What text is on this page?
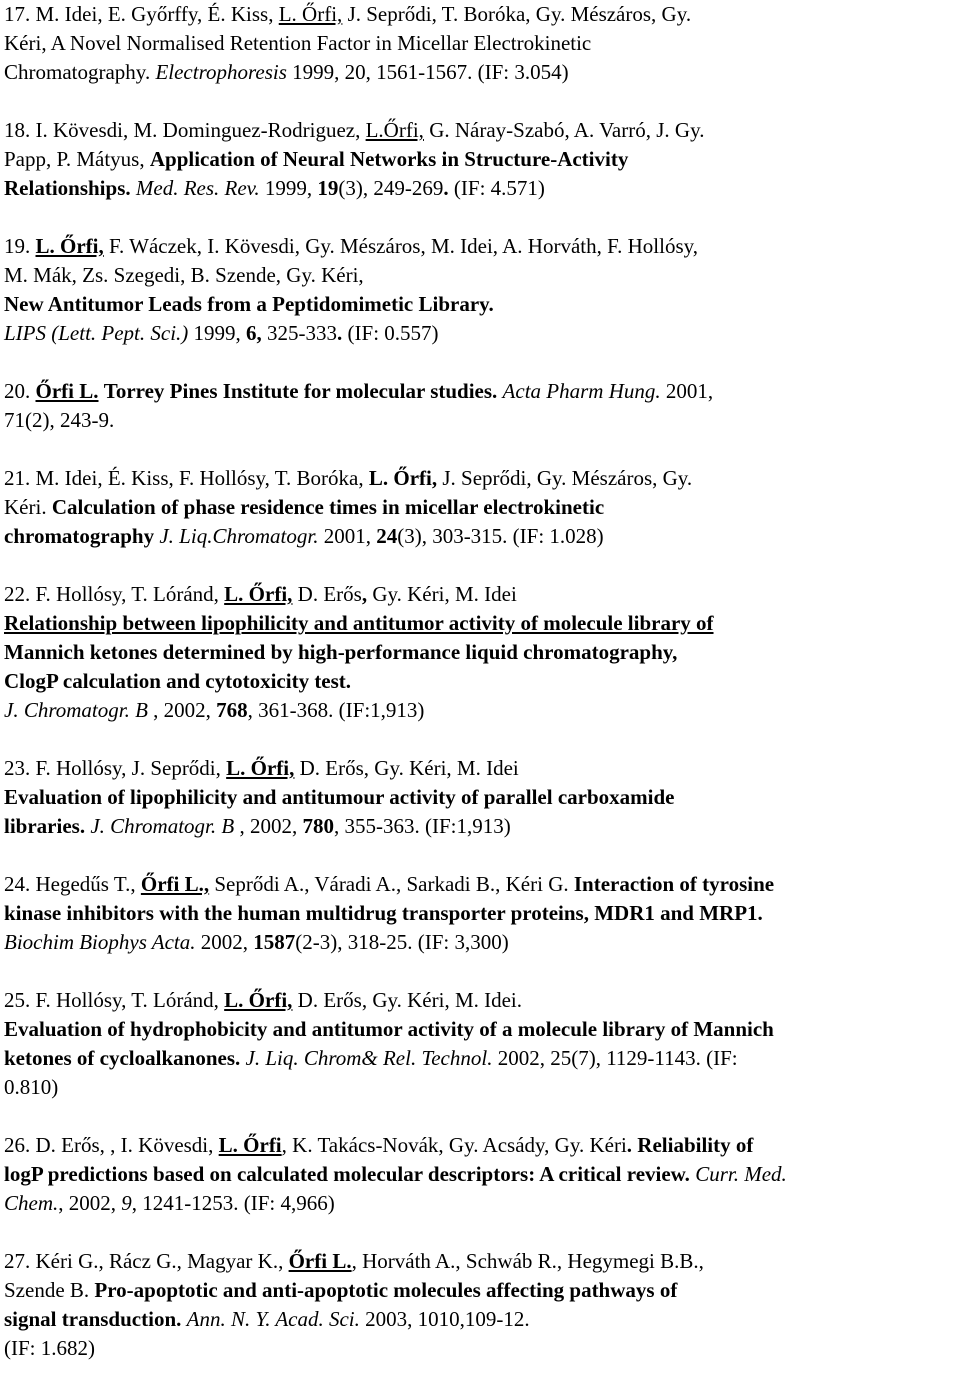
17. M. Idei, E. Győrffy, É. Kiss, L. Őrfi, J. Seprődi, T. Boróka, Gy. Mészáros, Gy.
Kéri, A Novel Normalised Retention Factor in Micellar Electrokinetic
Chromatography. Electrophoresis 1999, 20, 1561-1567. (IF: 3.054)
18. I. Kövesdi, M. Dominguez-Rodriguez, L.Őrfi, G. Náray-Szabó, A. Varró, J. Gy.
Papp, P. Mátyus, Application of Neural Networks in Structure-Activity
Relationships. Med. Res. Rev. 1999, 19(3), 249-269. (IF: 4.571)
19. L. Őrfi, F. Wáczek, I. Kövesdi, Gy. Mészáros, M. Idei, A. Horváth, F. Hollósy,
M. Mák, Zs. Szegedi, B. Szende, Gy. Kéri,
New Antitumor Leads from a Peptidomimetic Library.
LIPS (Lett. Pept. Sci.) 1999, 6, 325-333. (IF: 0.557)
20. Őrfi L. Torrey Pines Institute for molecular studies. Acta Pharm Hung. 2001,
71(2), 243-9.
21. M. Idei, É. Kiss, F. Hollósy, T. Boróka, L. Őrfi, J. Seprődi, Gy. Mészáros, Gy.
Kéri. Calculation of phase residence times in micellar electrokinetic
chromatography J. Liq.Chromatogr. 2001, 24(3), 303-315. (IF: 1.028)
22. F. Hollósy, T. Lóránd, L. Őrfi, D. Erős, Gy. Kéri, M. Idei
Relationship between lipophilicity and antitumor activity of molecule library of
Mannich ketones determined by high-performance liquid chromatography,
ClogP calculation and cytotoxicity test.
J. Chromatogr. B , 2002, 768, 361-368. (IF:1,913)
23. F. Hollósy, J. Seprődi, L. Őrfi, D. Erős, Gy. Kéri, M. Idei
Evaluation of lipophilicity and antitumour activity of parallel carboxamide
libraries. J. Chromatogr. B , 2002, 780, 355-363. (IF:1,913)
24. Hegedűs T., Őrfi L., Seprődi A., Váradi A., Sarkadi B., Kéri G. Interaction of tyrosine
kinase inhibitors with the human multidrug transporter proteins, MDR1 and MRP1.
Biochim Biophys Acta. 2002, 1587(2-3), 318-25. (IF: 3,300)
25. F. Hollósy, T. Lóránd, L. Őrfi, D. Erős, Gy. Kéri, M. Idei.
Evaluation of hydrophobicity and antitumor activity of a molecule library of Mannich
ketones of cycloalkanones. J. Liq. Chrom& Rel. Technol. 2002, 25(7), 1129-1143. (IF:
0.810)
26. D. Erős, , I. Kövesdi, L. Őrfi, K. Takács-Novák, Gy. Acsády, Gy. Kéri. Reliability of
logP predictions based on calculated molecular descriptors: A critical review. Curr. Med.
Chem., 2002, 9, 1241-1253. (IF: 4,966)
27. Kéri G., Rácz G., Magyar K., Őrfi L., Horváth A., Schwáb R., Hegymegi B.B.,
Szende B. Pro-apoptotic and anti-apoptotic molecules affecting pathways of
signal transduction. Ann. N. Y. Acad. Sci. 2003, 1010,109-12.
(IF: 1.682)
